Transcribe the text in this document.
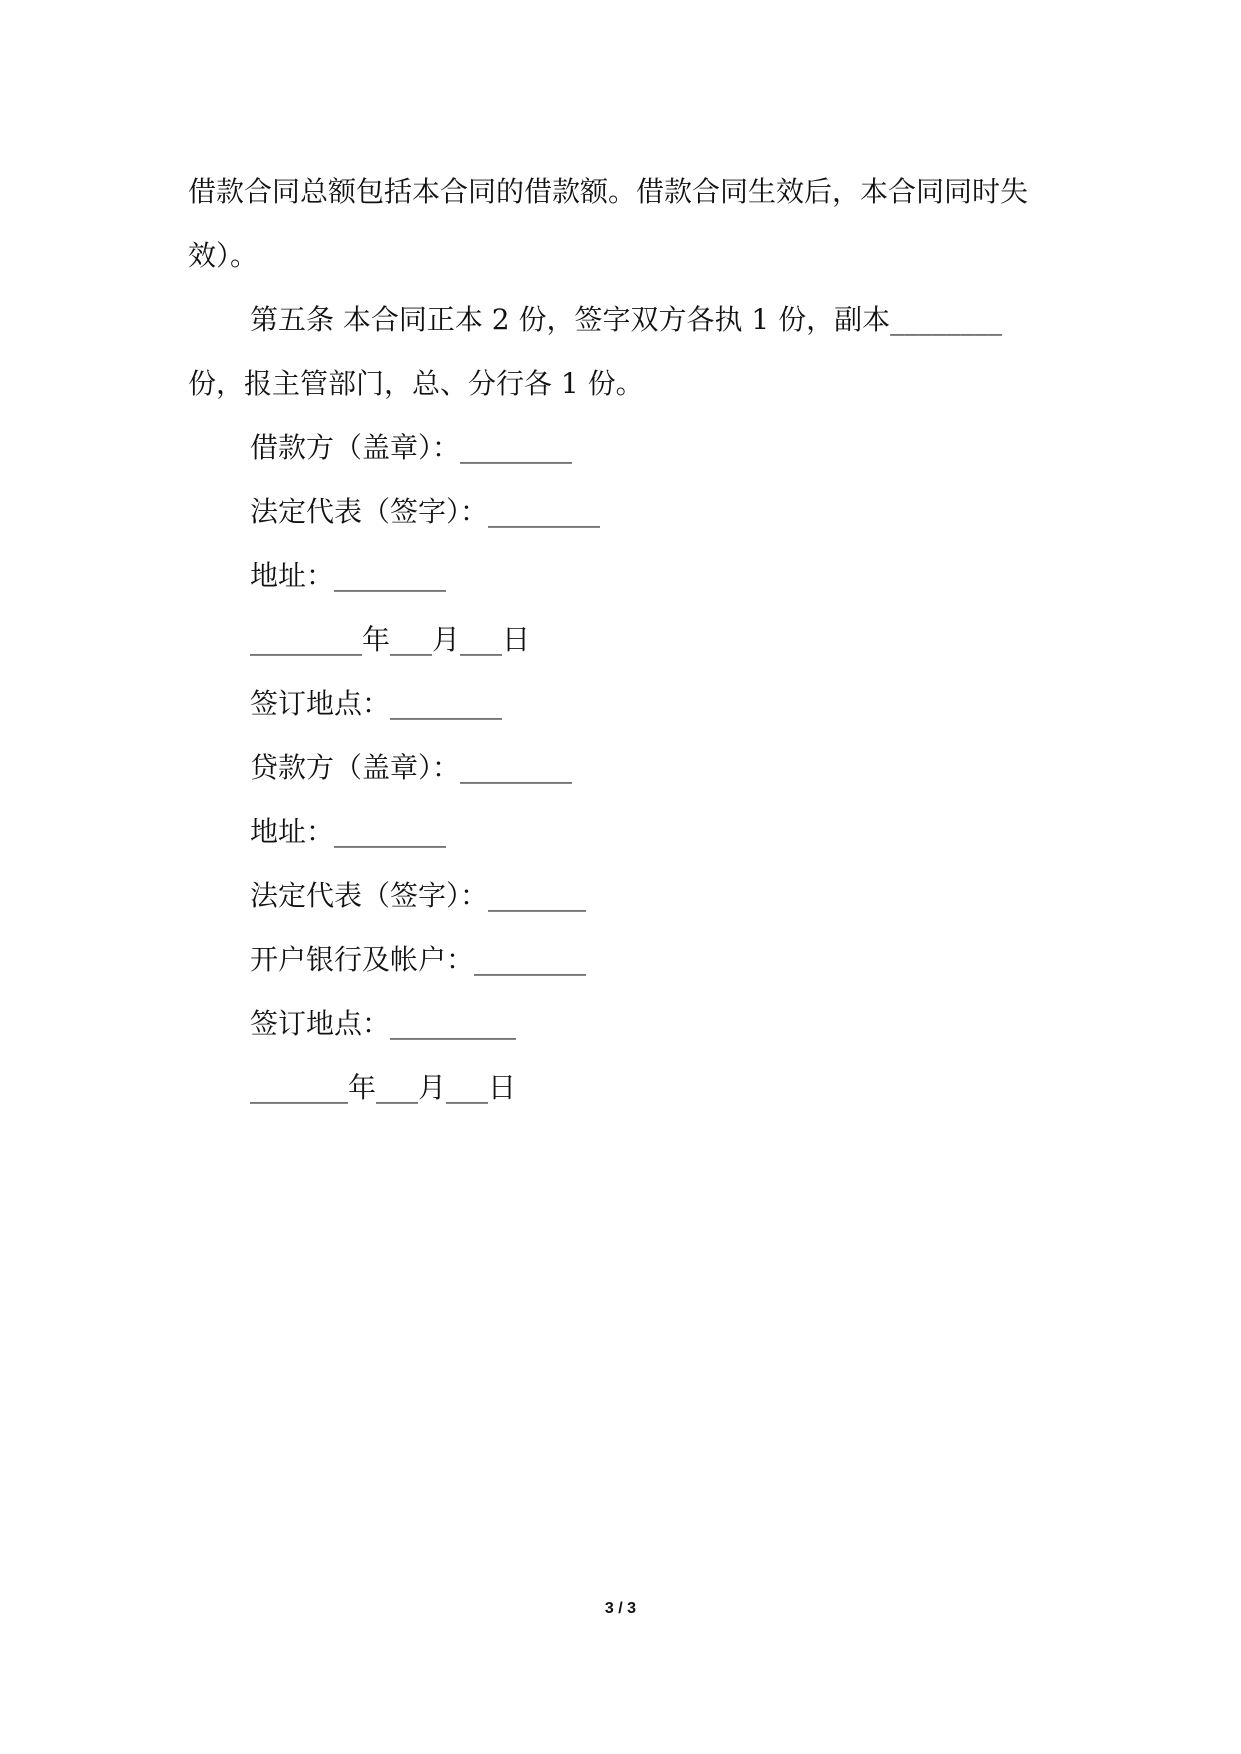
借款合同总额包括本合同的借款额。借款合同生效后，本合同同时失效）。

第五条 本合同正本 2 份，签字双方各执 1 份，副本________份，报主管部门，总、分行各 1 份。

借款方（盖章）：________

法定代表（签字）：________

地址：________

________年___月___日

签订地点：________

贷款方（盖章）：________

地址：________

法定代表（签字）：_______

开户银行及帐户：________

签订地点：_________

_______年___月___日

3 / 3
